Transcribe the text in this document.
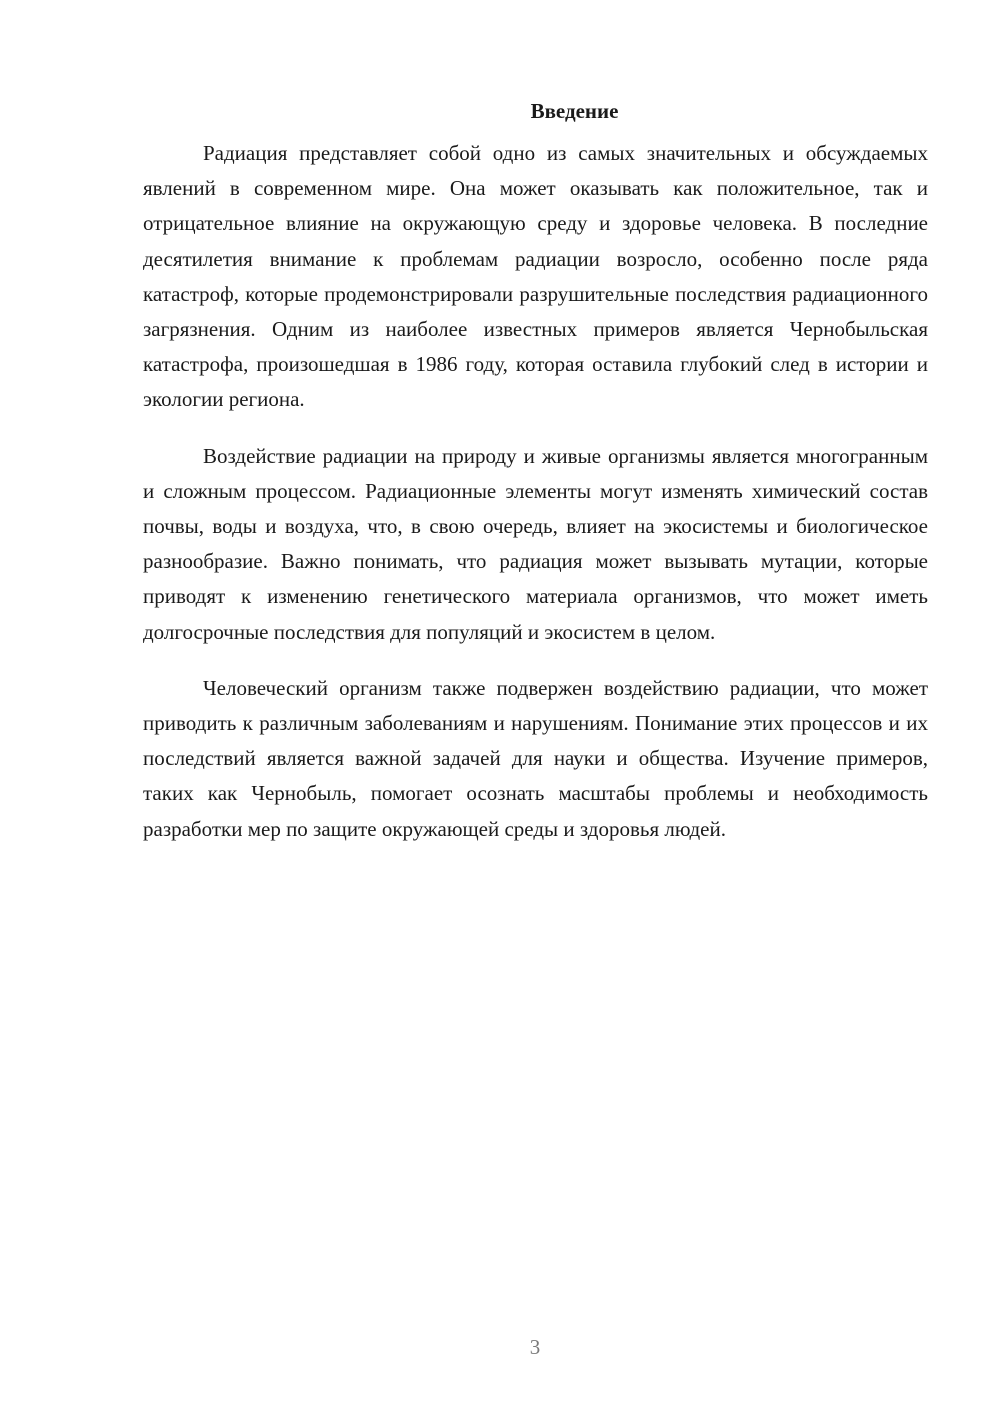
Введение

Радиация представляет собой одно из самых значительных и обсуждаемых явлений в современном мире. Она может оказывать как положительное, так и отрицательное влияние на окружающую среду и здоровье человека. В последние десятилетия внимание к проблемам радиации возросло, особенно после ряда катастроф, которые продемонстрировали разрушительные последствия радиационного загрязнения. Одним из наиболее известных примеров является Чернобыльская катастрофа, произошедшая в 1986 году, которая оставила глубокий след в истории и экологии региона.

Воздействие радиации на природу и живые организмы является многогранным и сложным процессом. Радиационные элементы могут изменять химический состав почвы, воды и воздуха, что, в свою очередь, влияет на экосистемы и биологическое разнообразие. Важно понимать, что радиация может вызывать мутации, которые приводят к изменению генетического материала организмов, что может иметь долгосрочные последствия для популяций и экосистем в целом.

Человеческий организм также подвержен воздействию радиации, что может приводить к различным заболеваниям и нарушениям. Понимание этих процессов и их последствий является важной задачей для науки и общества. Изучение примеров, таких как Чернобыль, помогает осознать масштабы проблемы и необходимость разработки мер по защите окружающей среды и здоровья людей.

3
